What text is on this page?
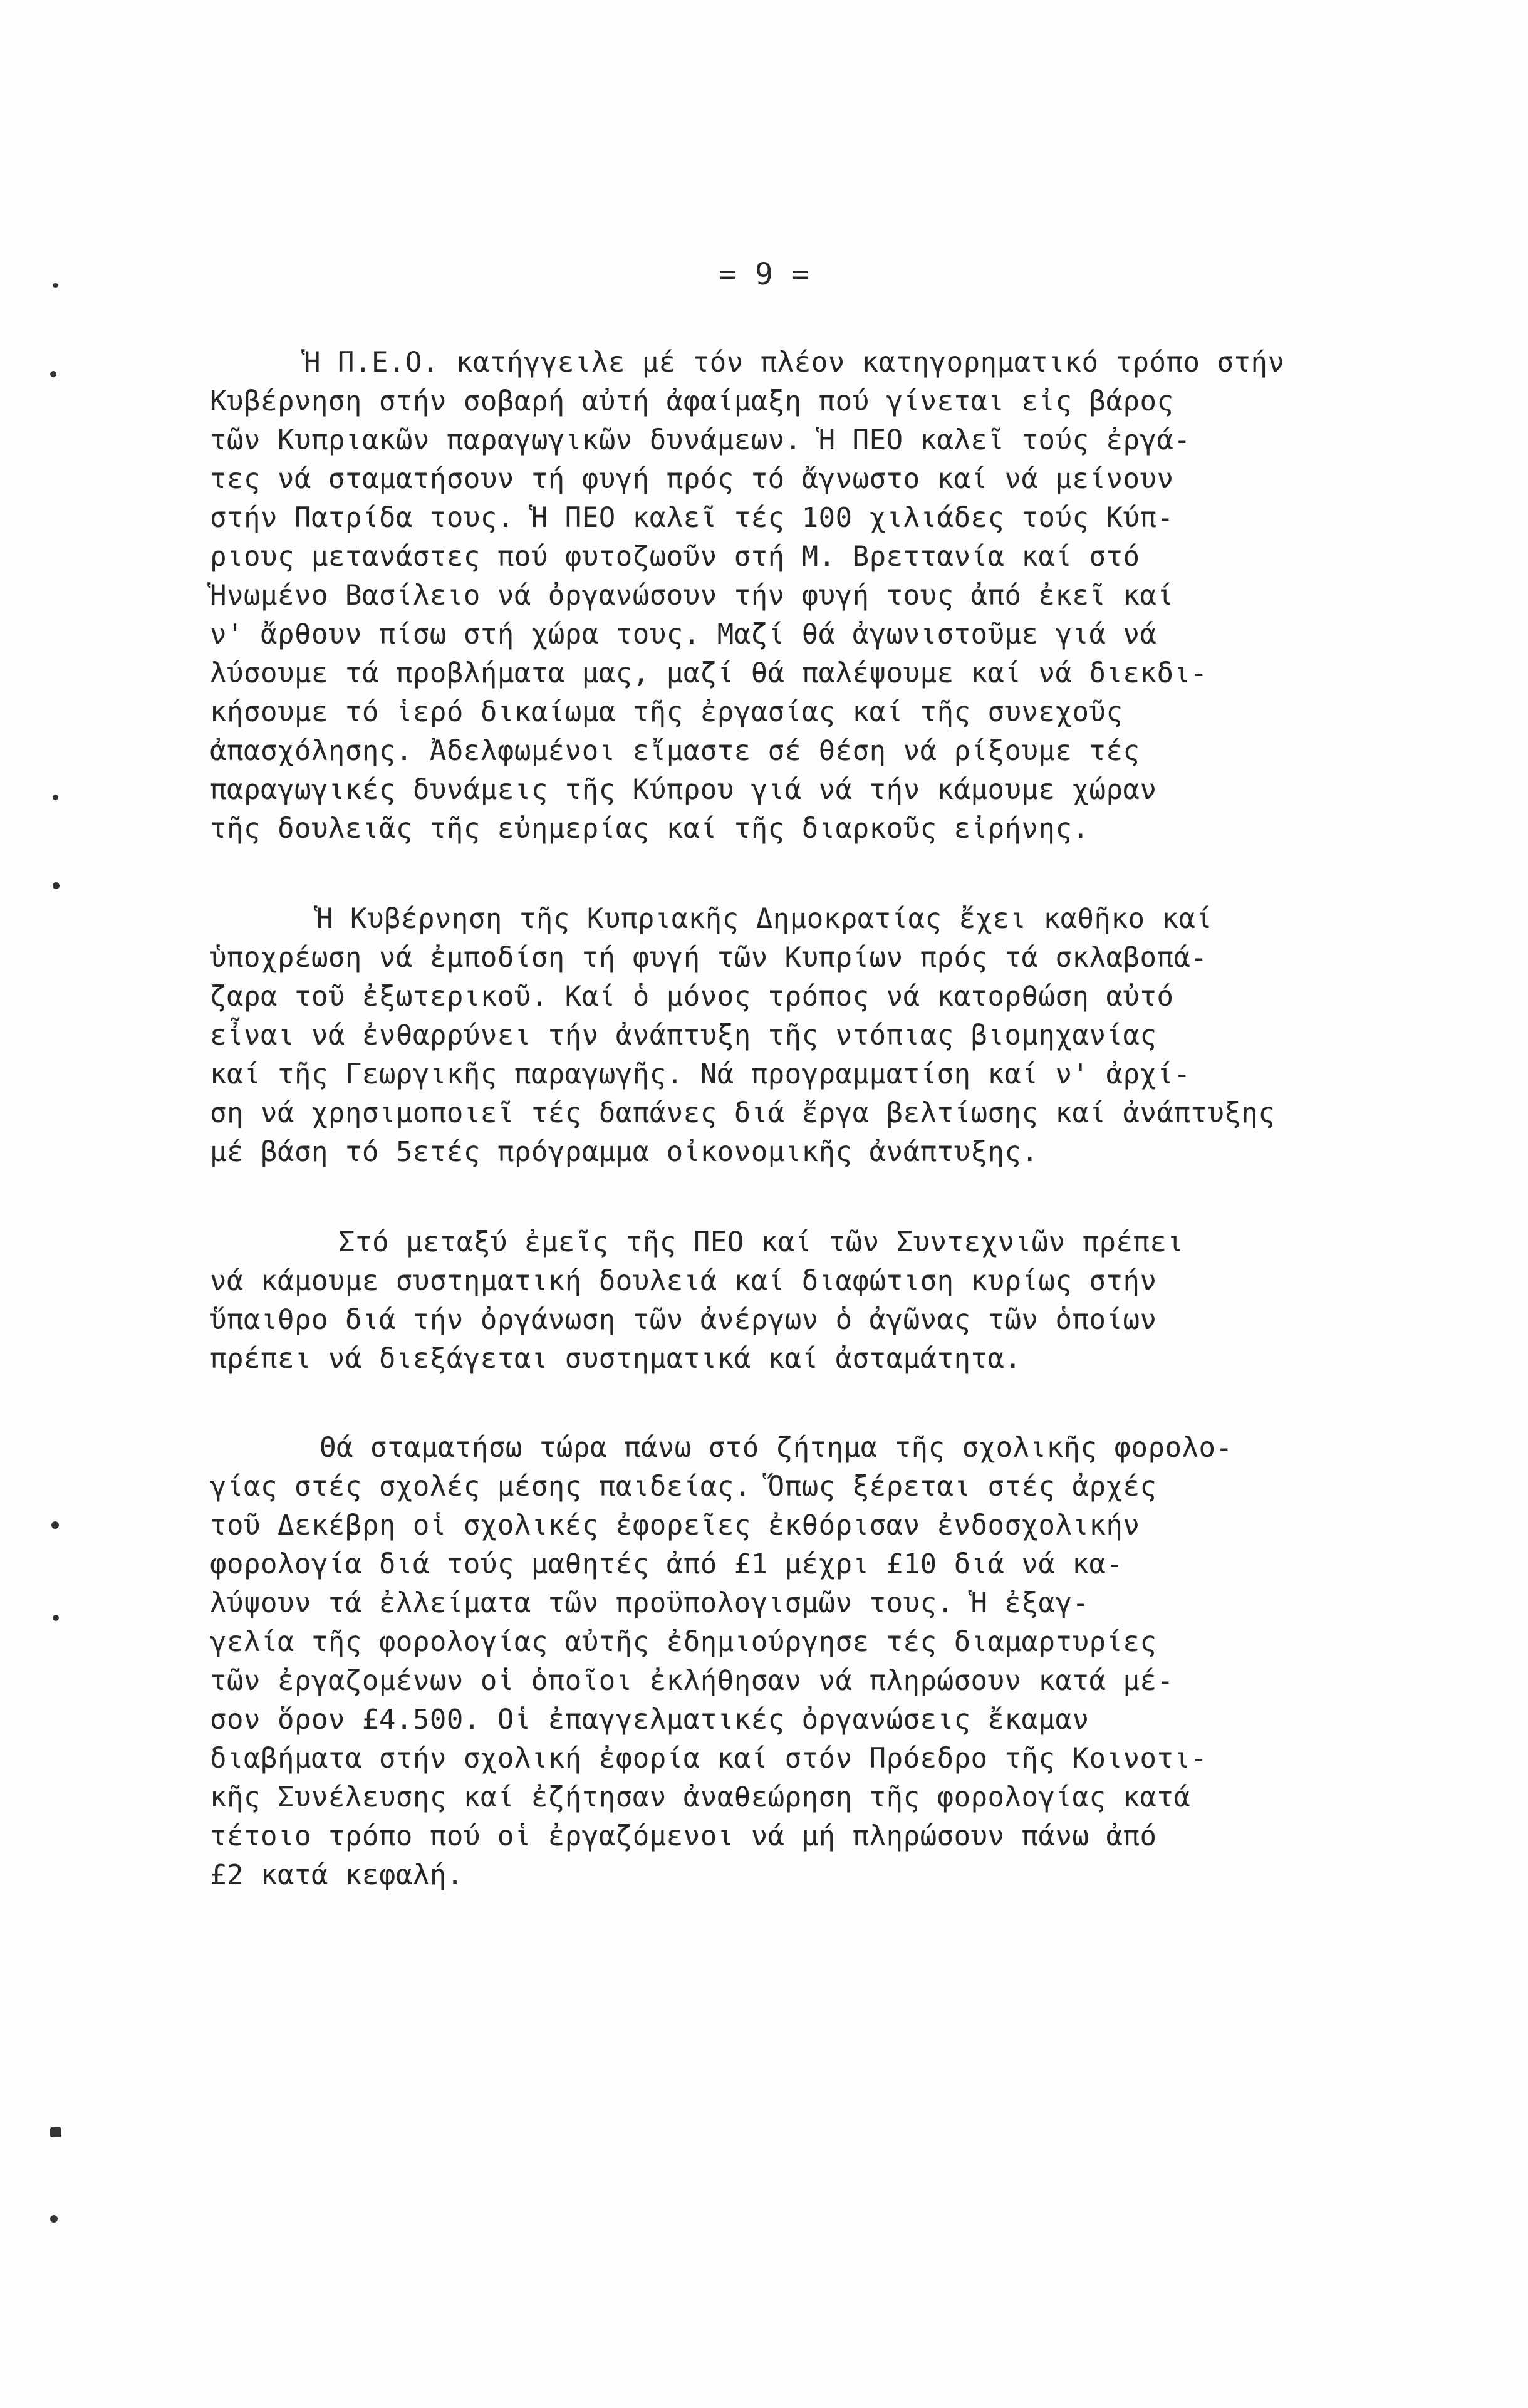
= 9 =
Ἡ Π.Ε.Ο. κατήγγειλε μέ τόν πλέον κατηγορηματικό τρόπο στήν
Κυβέρνηση στήν σοβαρή αὐτή ἀφαίμαξη πού γίνεται εἰς βάρος
τῶν Κυπριακῶν παραγωγικῶν δυνάμεων. Ἡ ΠΕΟ καλεῖ τούς ἐργά-
τες νά σταματήσουν τή φυγή πρός τό ἄγνωστο καί νά μείνουν
στήν Πατρίδα τους. Ἡ ΠΕΟ καλεῖ τές 100 χιλιάδες τούς Κύπ-
ριους μετανάστες πού φυτοζωοῦν στή Μ. Βρεττανία καί στό
Ἡνωμένο Βασίλειο νά ὀργανώσουν τήν φυγή τους ἀπό ἐκεῖ καί
ν' ἄρθουν πίσω στή χώρα τους. Μαζί θά ἀγωνιστοῦμε γιά νά
λύσουμε τά προβλήματα μας, μαζί θά παλέψουμε καί νά διεκδι-
κήσουμε τό ἱερό δικαίωμα τῆς ἐργασίας καί τῆς συνεχοῦς
ἀπασχόλησης. Ἀδελφωμένοι εἴμαστε σέ θέση νά ρίξουμε τές
παραγωγικές δυνάμεις τῆς Κύπρου γιά νά τήν κάμουμε χώραν
τῆς δουλειᾶς τῆς εὐημερίας καί τῆς διαρκοῦς εἰρήνης.
Ἡ Κυβέρνηση τῆς Κυπριακῆς Δημοκρατίας ἔχει καθῆκο καί
ὑποχρέωση νά ἐμποδίση τή φυγή τῶν Κυπρίων πρός τά σκλαβοπά-
ζαρα τοῦ ἐξωτερικοῦ. Καί ὁ μόνος τρόπος νά κατορθώση αὐτό
εἶναι νά ἐνθαρρύνει τήν ἀνάπτυξη τῆς ντόπιας βιομηχανίας
καί τῆς Γεωργικῆς παραγωγῆς. Νά προγραμματίση καί ν' ἀρχί-
ση νά χρησιμοποιεῖ τές δαπάνες διά ἔργα βελτίωσης καί ἀνάπτυξης
μέ βάση τό 5ετές πρόγραμμα οἰκονομικῆς ἀνάπτυξης.
Στό μεταξύ ἐμεῖς τῆς ΠΕΟ καί τῶν Συντεχνιῶν πρέπει
νά κάμουμε συστηματική δουλειά καί διαφώτιση κυρίως στήν
ὕπαιθρο διά τήν ὀργάνωση τῶν ἀνέργων ὁ ἀγῶνας τῶν ὁποίων
πρέπει νά διεξάγεται συστηματικά καί ἀσταμάτητα.
Θά σταματήσω τώρα πάνω στό ζήτημα τῆς σχολικῆς φορολο-
γίας στές σχολές μέσης παιδείας. Ὅπως ξέρεται στές ἀρχές
τοῦ Δεκέβρη οἱ σχολικές ἐφορεῖες ἐκθόρισαν ἐνδοσχολικήν
φορολογία διά τούς μαθητές ἀπό £1 μέχρι £10 διά νά κα-
λύψουν τά ἐλλείματα τῶν προϋπολογισμῶν τους. Ἡ ἐξαγ-
γελία τῆς φορολογίας αὐτῆς ἐδημιούργησε τές διαμαρτυρίες
τῶν ἐργαζομένων οἱ ὁποῖοι ἐκλήθησαν νά πληρώσουν κατά μέ-
σον ὅρον £4.500. Οἱ ἐπαγγελματικές ὀργανώσεις ἔκαμαν
διαβήματα στήν σχολική ἐφορία καί στόν Πρόεδρο τῆς Κοινοτι-
κῆς Συνέλευσης καί ἐζήτησαν ἀναθεώρηση τῆς φορολογίας κατά
τέτοιο τρόπο πού οἱ ἐργαζόμενοι νά μή πληρώσουν πάνω ἀπό
£2 κατά κεφαλή.
